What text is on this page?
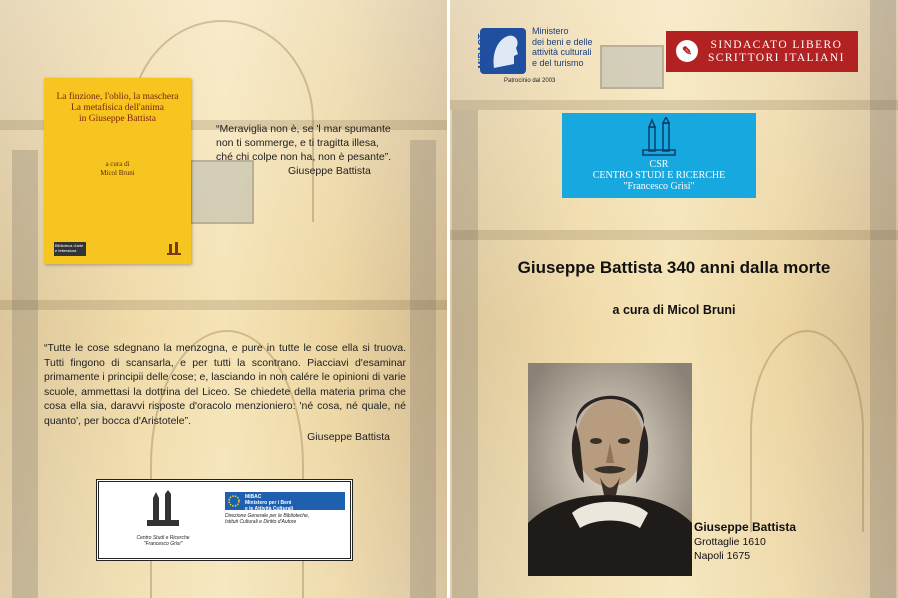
La finzione, l'oblio, la maschera
La metafisica dell'anima
in Giuseppe Battista
a cura di
Micol Bruni
Biblioteca d'arte e letteratura
“Meraviglia non è, se 'l mar spumante
non ti sommerge, e ti tragitta illesa,
ché chi colpe non ha, non è pesante”.
Giuseppe Battista
“Tutte le cose sdegnano la menzogna, e pure in tutte le cose ella si truova. Tutti fingono di scansarla, e per tutti la scontrano. Piacciavi d'esaminar primamente i principii delle cose; e, lasciando in non calére le opinioni di varie scuole, ammettasi la dottrina del Liceo. Se chiedete della materia prima che cosa ella sia, daravvi risposte d'oracolo menzioniero: 'né cosa, né quale, né quanto', per bocca d'Aristotele”.
Giuseppe Battista
Centro Studi e Ricerche
"Francesco Grisi"
MiBAC
Ministero per i Beni
e le Attività Culturali
Direzione Generale per le Biblioteche,
Istituti Culturali e Diritto d'Autore
MiBACT
Ministero
dei beni e delle
attività culturali
e del turismo
Patrocinio dal 2003
✎	SINDACATO LIBERO
SCRITTORI ITALIANI
CSR
CENTRO STUDI E RICERCHE
"Francesco Grisi"
Giuseppe Battista 340 anni dalla morte
a cura di Micol Bruni
Giuseppe Battista
Grottaglie 1610
Napoli 1675
